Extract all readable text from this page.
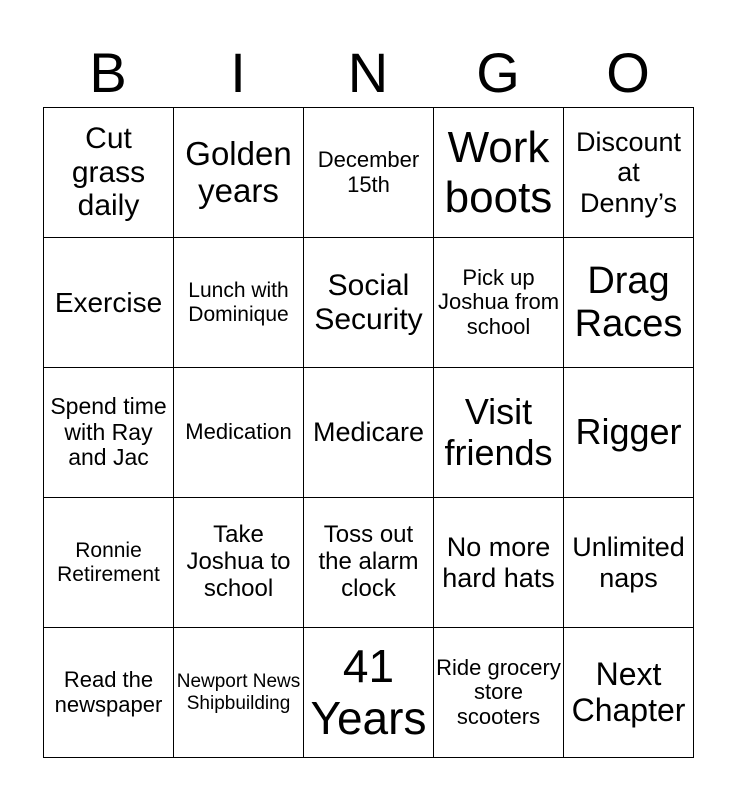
B	I	N	G	O
Cut grass daily	Golden years	December 15th	Work boots	Discount at Denny’s
Exercise	Lunch with Dominique	Social Security	Pick up Joshua from school	Drag Races
Spend time with Ray and Jac	Medication	Medicare	Visit friends	Rigger
Ronnie Retirement	Take Joshua to school	Toss out the alarm clock	No more hard hats	Unlimited naps
Read the newspaper	Newport News Shipbuilding	41 Years	Ride grocery store scooters	Next Chapter
